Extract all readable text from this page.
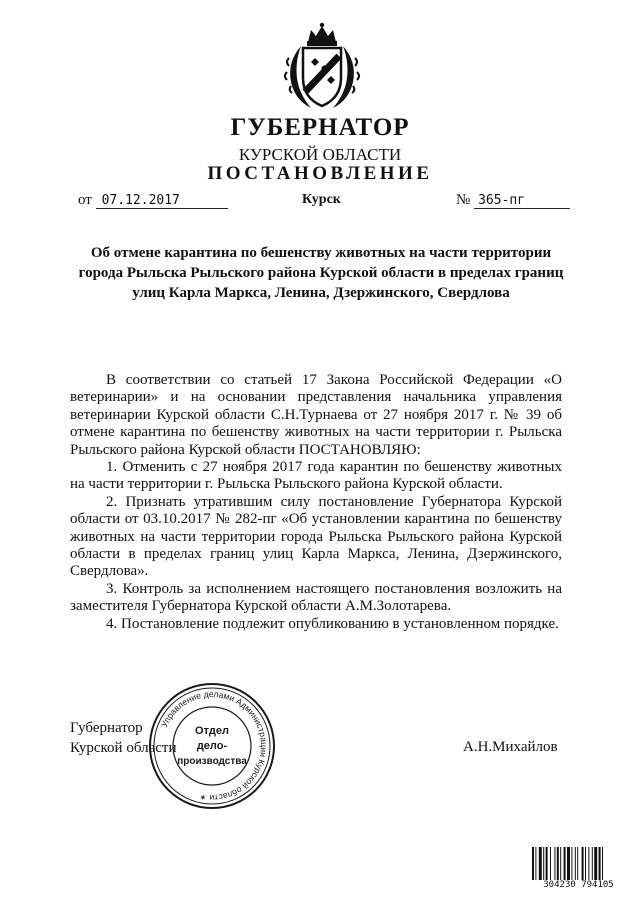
ГУБЕРНАТОР
КУРСКОЙ ОБЛАСТИ
ПОСТАНОВЛЕНИЕ
от 07.12.2017	Курск	№ 365-пг
Об отмене карантина по бешенству животных на части территории города Рыльска Рыльского района Курской области в пределах границ улиц Карла Маркса, Ленина, Дзержинского, Свердлова

В соответствии со статьей 17 Закона Российской Федерации «О ветеринарии» и на основании представления начальника управления ветеринарии Курской области С.Н.Турнаева от 27 ноября 2017 г. № 39 об отмене карантина по бешенству животных на части территории г. Рыльска Рыльского района Курской области ПОСТАНОВЛЯЮ:

1. Отменить с 27 ноября 2017 года карантин по бешенству животных на части территории г. Рыльска Рыльского района Курской области.

2. Признать утратившим силу постановление Губернатора Курской области от 03.10.2017 № 282-пг «Об установлении карантина по бешенству животных на части территории города Рыльска Рыльского района Курской области в пределах границ улиц Карла Маркса, Ленина, Дзержинского, Свердлова».

3. Контроль за исполнением настоящего постановления возложить на заместителя Губернатора Курской области А.М.Золотарева.

4. Постановление подлежит опубликованию в установленном порядке.

Губернатор
Курской области	А.Н.Михайлов
Управление делами Администрации Курской области ✶
Отдел
дело-
производства
304230 794105
